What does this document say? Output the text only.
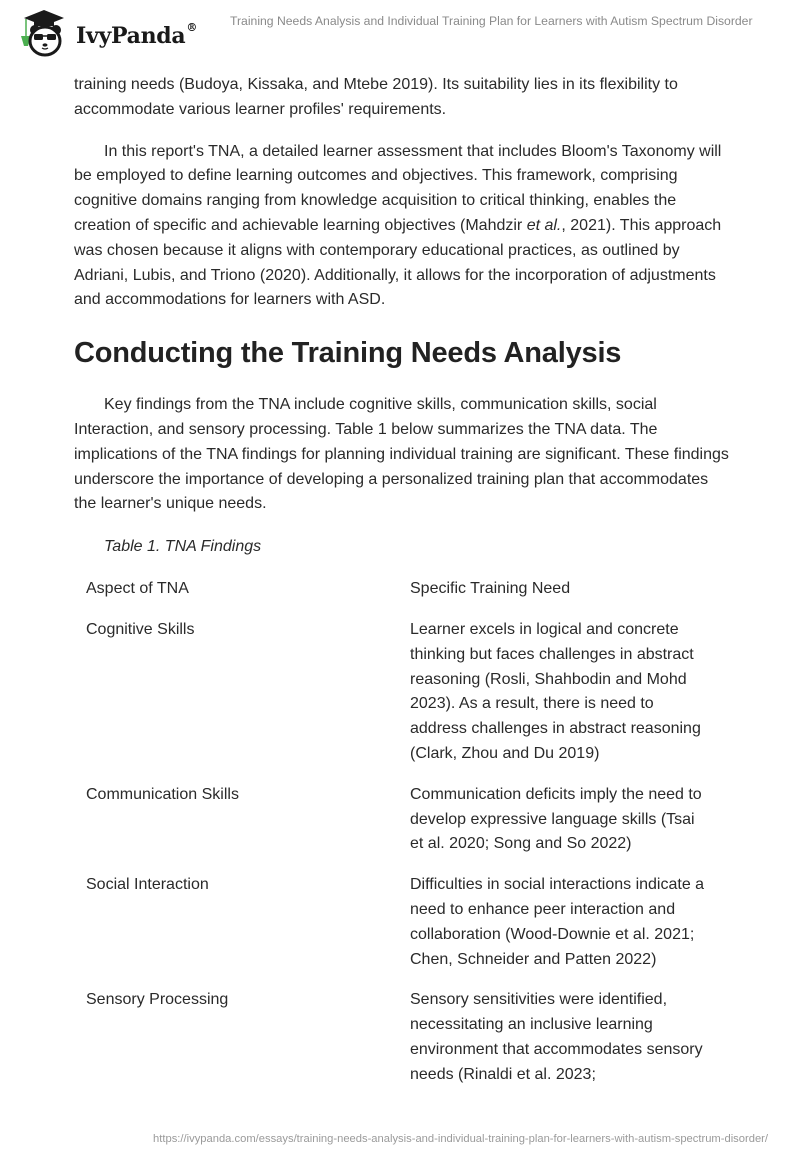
IvyPanda®	Training Needs Analysis and Individual Training Plan for Learners with Autism Spectrum Disorder

training needs (Budoya, Kissaka, and Mtebe 2019). Its suitability lies in its flexibility to accommodate various learner profiles' requirements.

In this report's TNA, a detailed learner assessment that includes Bloom's Taxonomy will be employed to define learning outcomes and objectives. This framework, comprising cognitive domains ranging from knowledge acquisition to critical thinking, enables the creation of specific and achievable learning objectives (Mahdzir et al., 2021). This approach was chosen because it aligns with contemporary educational practices, as outlined by Adriani, Lubis, and Triono (2020). Additionally, it allows for the incorporation of adjustments and accommodations for learners with ASD.

Conducting the Training Needs Analysis

Key findings from the TNA include cognitive skills, communication skills, social Interaction, and sensory processing. Table 1 below summarizes the TNA data. The implications of the TNA findings for planning individual training are significant. These findings underscore the importance of developing a personalized training plan that accommodates the learner's unique needs.

Table 1. TNA Findings
Aspect of TNA	Specific Training Need
Cognitive Skills	Learner excels in logical and concrete thinking but faces challenges in abstract reasoning (Rosli, Shahbodin and Mohd 2023). As a result, there is need to address challenges in abstract reasoning (Clark, Zhou and Du 2019)
Communication Skills	Communication deficits imply the need to develop expressive language skills (Tsai et al. 2020; Song and So 2022)
Social Interaction	Difficulties in social interactions indicate a need to enhance peer interaction and collaboration (Wood-Downie et al. 2021; Chen, Schneider and Patten 2022)
Sensory Processing	Sensory sensitivities were identified, necessitating an inclusive learning environment that accommodates sensory needs (Rinaldi et al. 2023;
https://ivypanda.com/essays/training-needs-analysis-and-individual-training-plan-for-learners-with-autism-spectrum-disorder/
